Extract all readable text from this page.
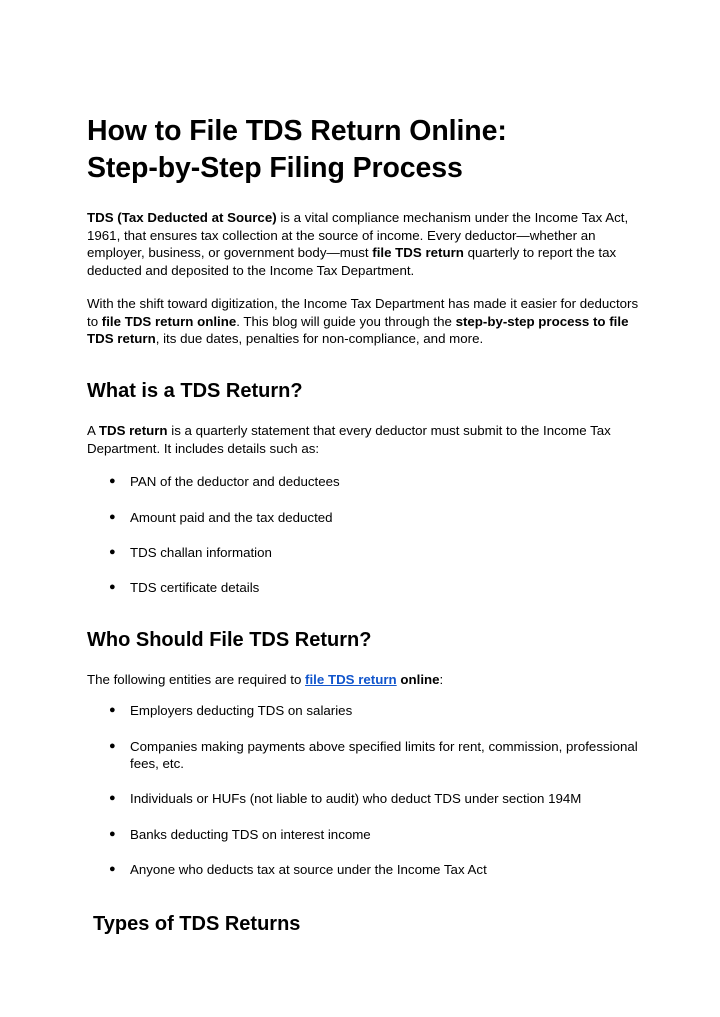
How to File TDS Return Online:
Step-by-Step Filing Process

TDS (Tax Deducted at Source) is a vital compliance mechanism under the Income Tax Act, 1961, that ensures tax collection at the source of income. Every deductor—whether an employer, business, or government body—must file TDS return quarterly to report the tax deducted and deposited to the Income Tax Department.

With the shift toward digitization, the Income Tax Department has made it easier for deductors to file TDS return online. This blog will guide you through the step-by-step process to file TDS return, its due dates, penalties for non-compliance, and more.

What is a TDS Return?

A TDS return is a quarterly statement that every deductor must submit to the Income Tax Department. It includes details such as:

● PAN of the deductor and deductees
● Amount paid and the tax deducted
● TDS challan information
● TDS certificate details
Who Should File TDS Return?

The following entities are required to file TDS return online:

● Employers deducting TDS on salaries
● Companies making payments above specified limits for rent, commission, professional fees, etc.
● Individuals or HUFs (not liable to audit) who deduct TDS under section 194M
● Banks deducting TDS on interest income
● Anyone who deducts tax at source under the Income Tax Act
Types of TDS Returns
